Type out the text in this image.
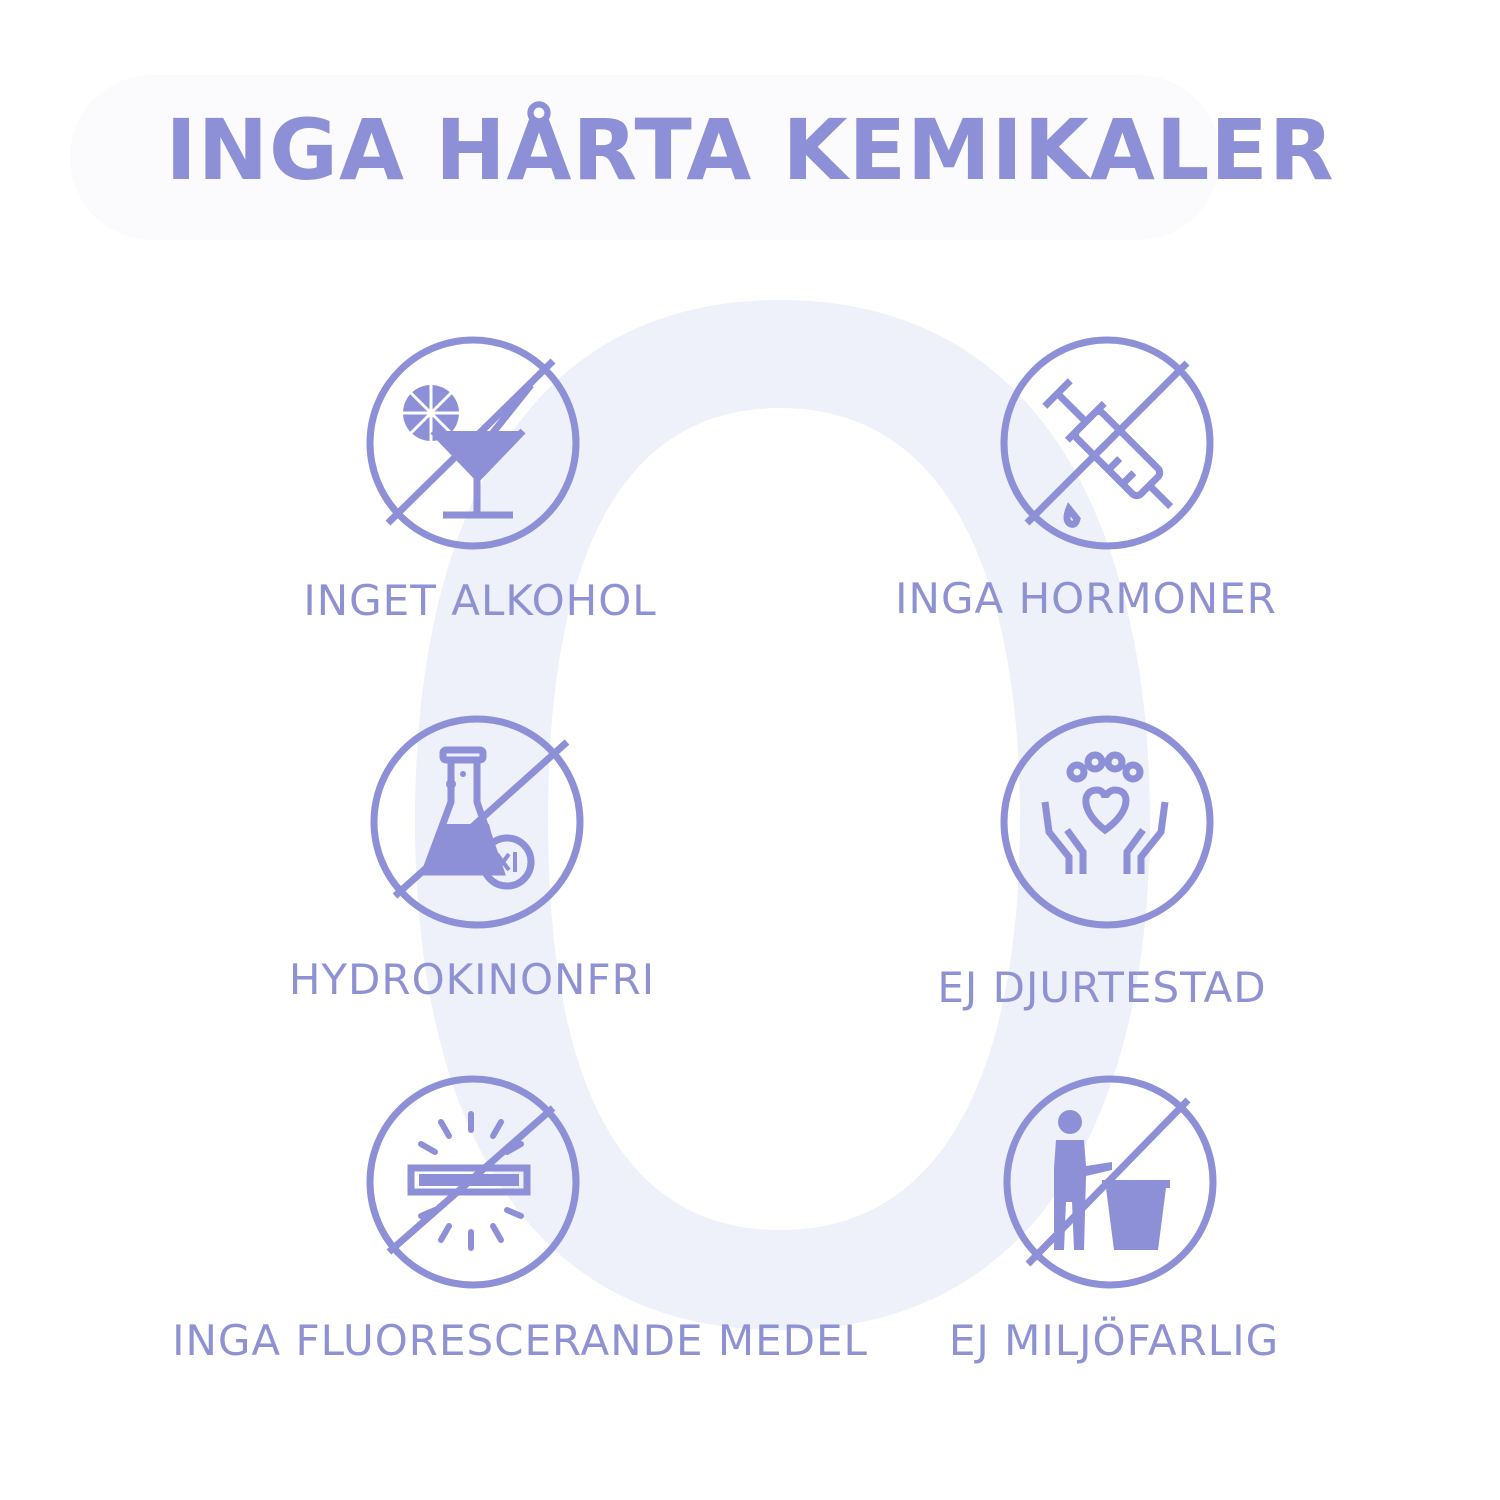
INGA HÅRTA KEMIKALER
INGET ALKOHOL	INGA HORMONER
HYDROKINONFRI	EJ DJURTESTAD
INGA FLUORESCERANDE MEDEL	EJ MILJÖFARLIG
